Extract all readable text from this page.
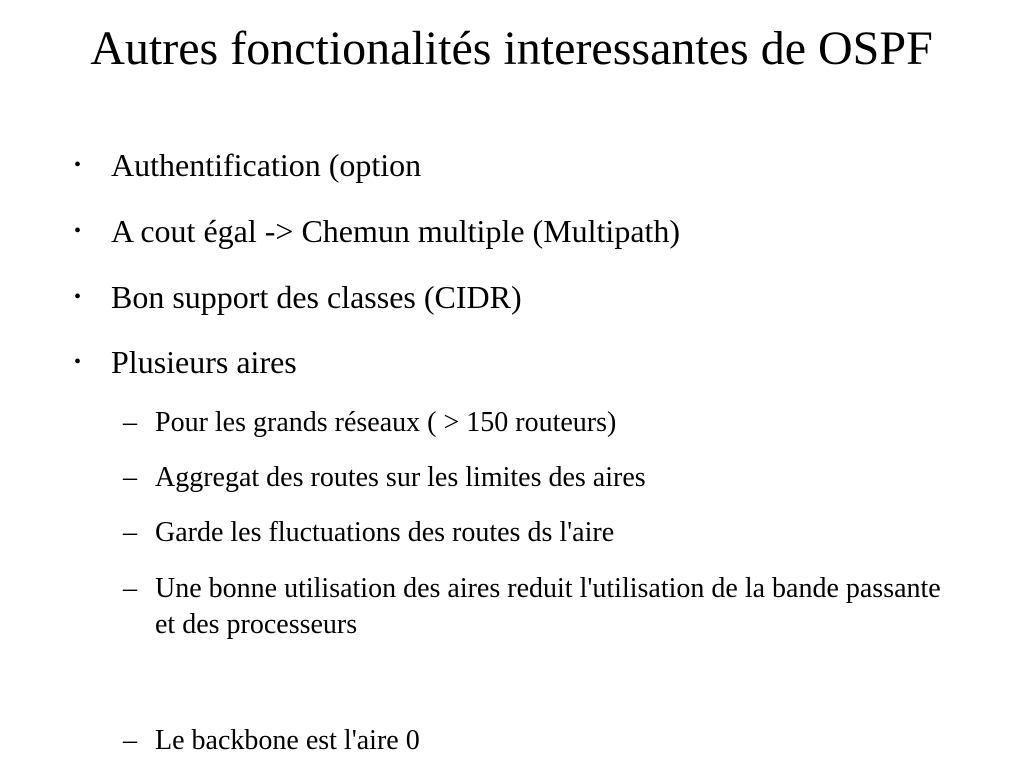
Autres fonctionalités interessantes de OSPF
• Authentification (option
• A cout égal -> Chemun multiple (Multipath)
• Bon support des classes (CIDR)
• Plusieurs aires
– Pour les grands réseaux ( > 150 routeurs)
– Aggregat des routes sur les limites des aires
– Garde les fluctuations des routes ds l'aire
– Une bonne utilisation des aires reduit l'utilisation de la bande passante et des processeurs
– Le backbone est l'aire 0
